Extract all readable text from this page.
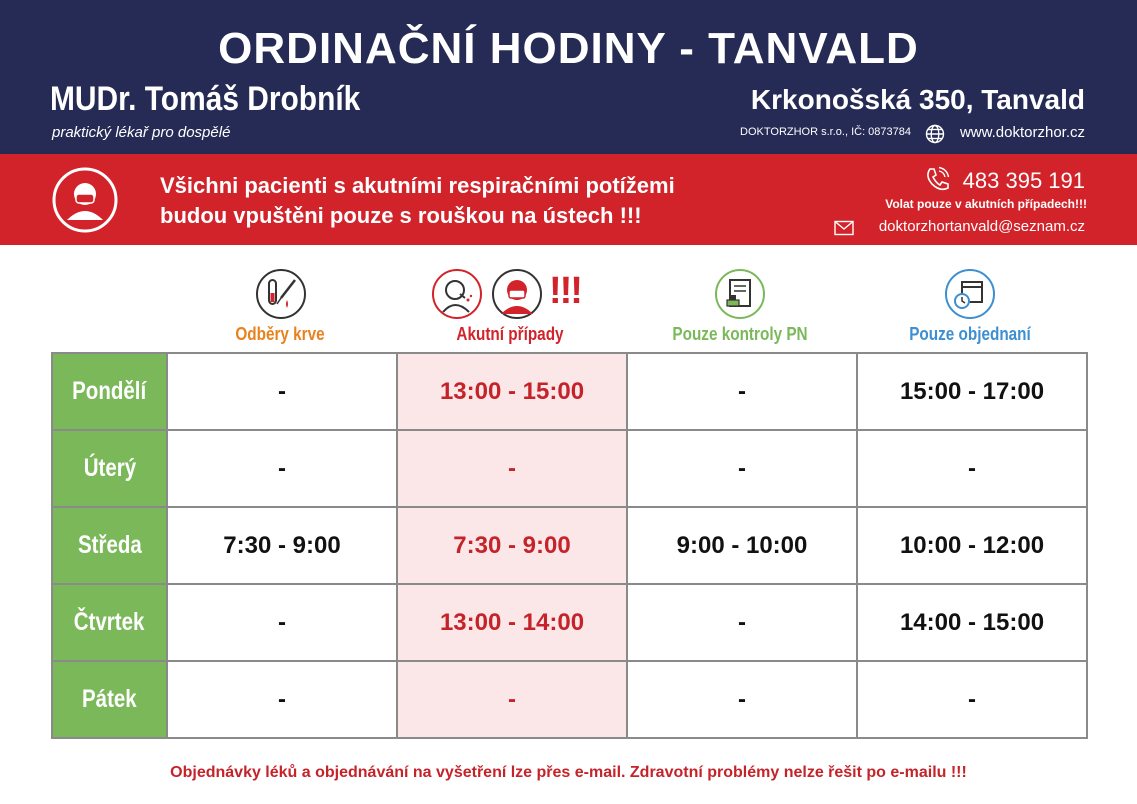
ORDINAČNÍ HODINY - TANVALD
MUDr. Tomáš Drobník
praktický lékař pro dospělé
Krkonošská 350, Tanvald
DOKTORZHOR s.r.o., IČ: 0873784	www.doktorzhor.cz
Všichni pacienti s akutními respiračními potížemi
budou vpuštěni pouze s rouškou na ústech !!!
483 395 191
Volat pouze v akutních případech!!!
doktorzhortanvald@seznam.cz
!!!
Odběry krve	Akutní případy	Pouze kontroly PN	Pouze objednaní
Pondělí	-	13:00 - 15:00	-	15:00 - 17:00
Úterý	-	-	-	-
Středa	7:30 - 9:00	7:30 - 9:00	9:00 - 10:00	10:00 - 12:00
Čtvrtek	-	13:00 - 14:00	-	14:00 - 15:00
Pátek	-	-	-	-
Objednávky léků a objednávání na vyšetření lze přes e-mail. Zdravotní problémy nelze řešit po e-mailu !!!
